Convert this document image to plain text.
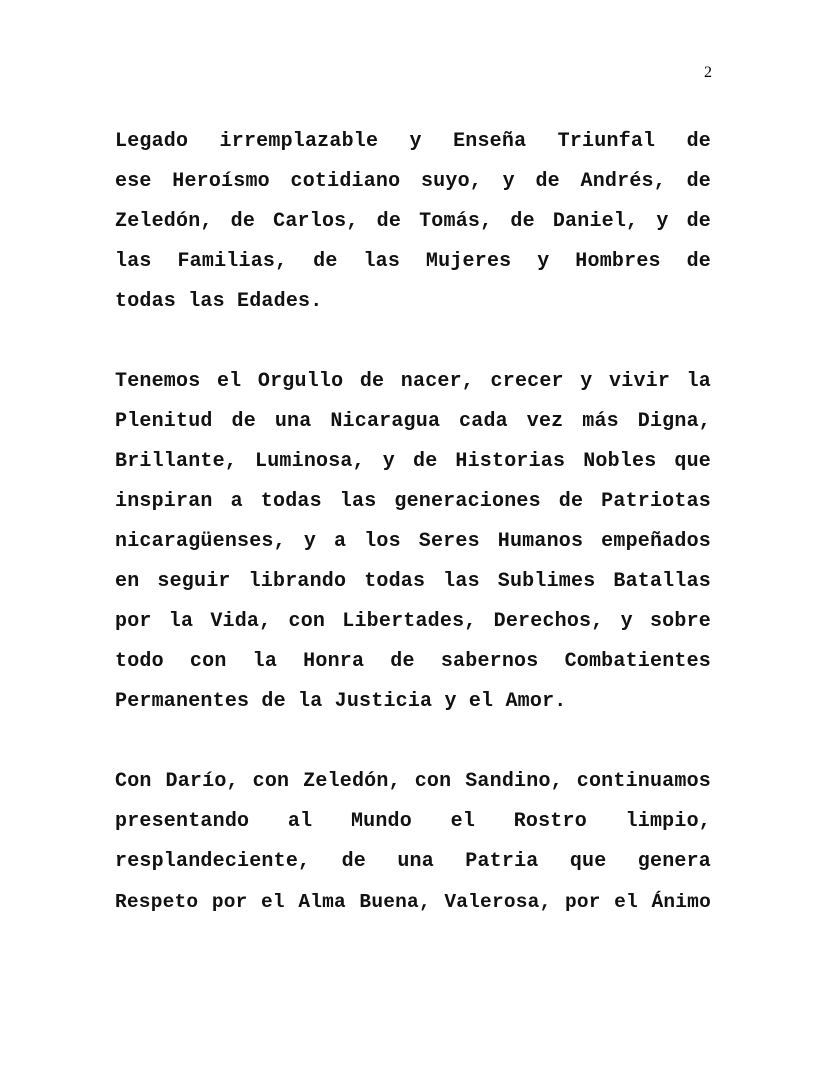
2
Legado irremplazable y Enseña Triunfal de
ese Heroísmo cotidiano suyo, y de Andrés, de
Zeledón, de Carlos, de Tomás, de Daniel, y de
las Familias, de las Mujeres y Hombres de
todas las Edades.
Tenemos el Orgullo de nacer, crecer y vivir la
Plenitud de una Nicaragua cada vez más Digna,
Brillante, Luminosa, y de Historias Nobles que
inspiran a todas las generaciones de Patriotas
nicaragüenses, y a los Seres Humanos empeñados
en seguir librando todas las Sublimes Batallas
por la Vida, con Libertades, Derechos, y sobre
todo con la Honra de sabernos Combatientes
Permanentes de la Justicia y el Amor.
Con Darío, con Zeledón, con Sandino, continuamos
presentando al Mundo el Rostro limpio,
resplandeciente, de una Patria que genera
Respeto por el Alma Buena, Valerosa, por el Ánimo
